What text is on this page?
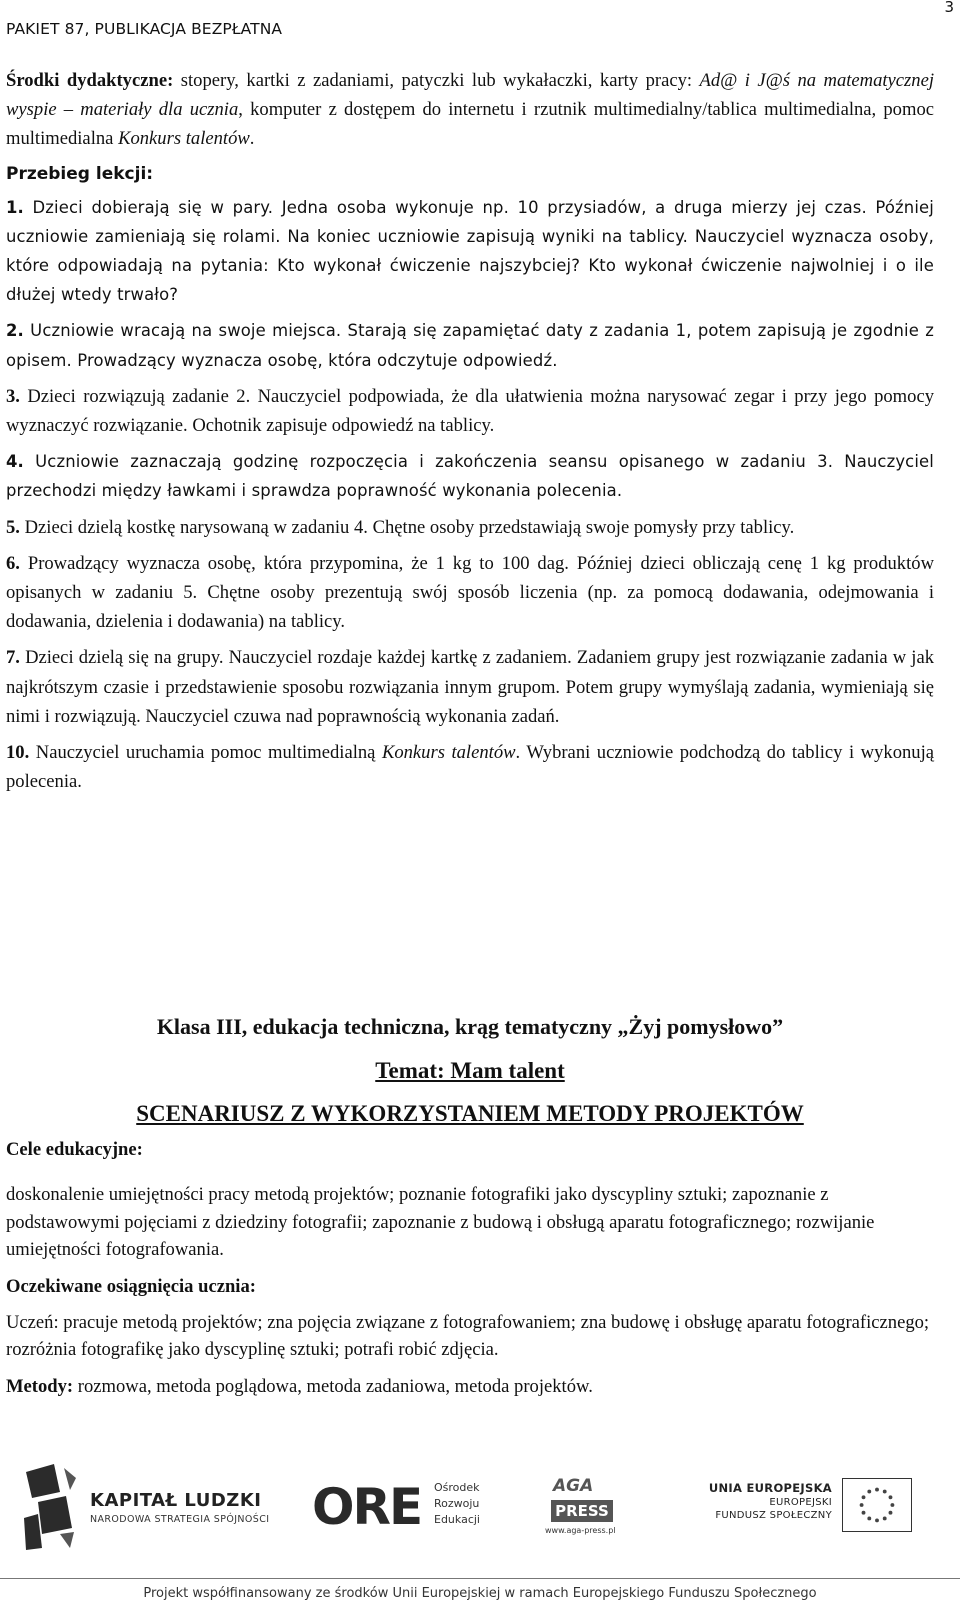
PAKIET 87, PUBLIKACJA BEZPŁATNA
3

Środki dydaktyczne: stopery, kartki z zadaniami, patyczki lub wykałaczki, karty pracy: Ad@ i J@ś na matematycznej wyspie – materiały dla ucznia, komputer z dostępem do internetu i rzutnik multimedialny/tablica multimedialna, pomoc multimedialna Konkurs talentów.

Przebieg lekcji:

1. Dzieci dobierają się w pary. Jedna osoba wykonuje np. 10 przysiadów, a druga mierzy jej czas. Później uczniowie zamieniają się rolami. Na koniec uczniowie zapisują wyniki na tablicy. Nauczyciel wyznacza osoby, które odpowiadają na pytania: Kto wykonał ćwiczenie najszybciej? Kto wykonał ćwiczenie najwolniej i o ile dłużej wtedy trwało?

2. Uczniowie wracają na swoje miejsca. Starają się zapamiętać daty z zadania 1, potem zapisują je zgodnie z opisem. Prowadzący wyznacza osobę, która odczytuje odpowiedź.

3. Dzieci rozwiązują zadanie 2. Nauczyciel podpowiada, że dla ułatwienia można narysować zegar i przy jego pomocy wyznaczyć rozwiązanie. Ochotnik zapisuje odpowiedź na tablicy.

4. Uczniowie zaznaczają godzinę rozpoczęcia i zakończenia seansu opisanego w zadaniu 3. Nauczyciel przechodzi między ławkami i sprawdza poprawność wykonania polecenia.

5. Dzieci dzielą kostkę narysowaną w zadaniu 4. Chętne osoby przedstawiają swoje pomysły przy tablicy.

6. Prowadzący wyznacza osobę, która przypomina, że 1 kg to 100 dag. Później dzieci obliczają cenę 1 kg produktów opisanych w zadaniu 5. Chętne osoby prezentują swój sposób liczenia (np. za pomocą dodawania, odejmowania i dodawania, dzielenia i dodawania) na tablicy.

7. Dzieci dzielą się na grupy. Nauczyciel rozdaje każdej kartkę z zadaniem. Zadaniem grupy jest rozwiązanie zadania w jak najkrótszym czasie i przedstawienie sposobu rozwiązania innym grupom. Potem grupy wymyślają zadania, wymieniają się nimi i rozwiązują. Nauczyciel czuwa nad poprawnością wykonania zadań.

10. Nauczyciel uruchamia pomoc multimedialną Konkurs talentów. Wybrani uczniowie podchodzą do tablicy i wykonują polecenia.

Klasa III, edukacja techniczna, krąg tematyczny „Żyj pomysłowo”

Temat: Mam talent

SCENARIUSZ Z WYKORZYSTANIEM METODY PROJEKTÓW

Cele edukacyjne:

doskonalenie umiejętności pracy metodą projektów; poznanie fotografiki jako dyscypliny sztuki; zapoznanie z podstawowymi pojęciami z dziedziny fotografii; zapoznanie z budową i obsługą aparatu fotograficznego; rozwijanie umiejętności fotografowania.

Oczekiwane osiągnięcia ucznia:

Uczeń: pracuje metodą projektów; zna pojęcia związane z fotografowaniem; zna budowę i obsługę aparatu fotograficznego; rozróżnia fotografikę jako dyscyplinę sztuki; potrafi robić zdjęcia.

Metody: rozmowa, metoda poglądowa, metoda zadaniowa, metoda projektów.

KAPITAŁ LUDZKI
NARODOWA STRATEGIA SPÓJNOŚCI ORE Ośrodek
Rozwoju
Edukacji
AGA
PRESS
www.aga-press.pl
UNIA EUROPEJSKA
EUROPEJSKI
FUNDUSZ SPOŁECZNY
Projekt współfinansowany ze środków Unii Europejskiej w ramach Europejskiego Funduszu Społecznego
